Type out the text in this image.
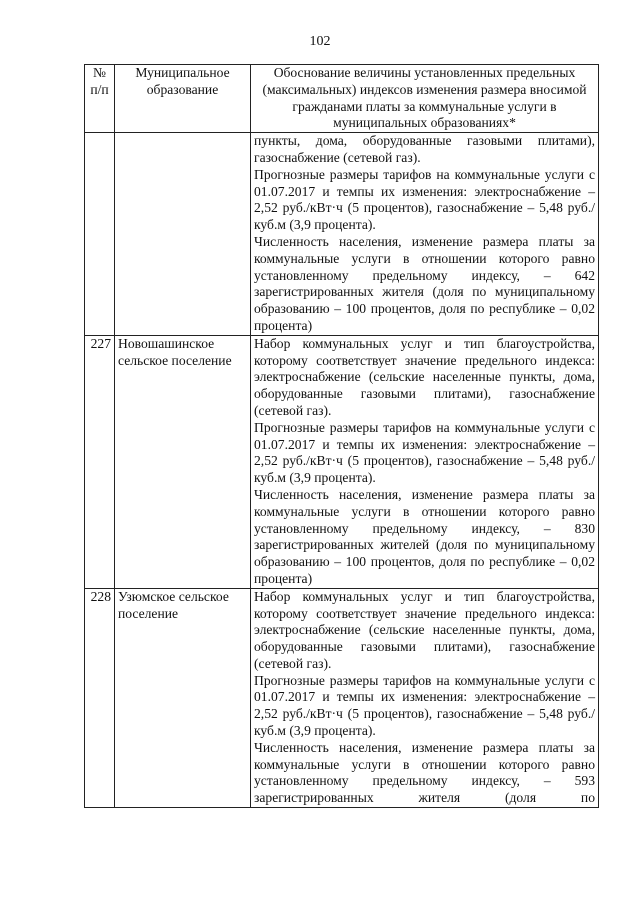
102
№ п/п	Муниципальное образование	Обоснование величины установленных предельных (максимальных) индексов изменения размера вносимой гражданами платы за коммунальные услуги в муниципальных образованиях*

		пункты, дома, оборудованные газовыми плитами), газоснабжение (сетевой газ).

Прогнозные размеры тарифов на коммунальные услуги с 01.07.2017 и темпы их изменения: электроснабжение – 2,52 руб./кВт·ч (5 процентов), газоснабжение – 5,48 руб./куб.м (3,9 процента).

Численность населения, изменение размера платы за коммунальные услуги в отношении которого равно установленному предельному индексу, – 642 зарегистрированных жителя (доля по муниципальному образованию – 100 процентов, доля по республике – 0,02 процента)

227	Новошашинское сельское поселение	Набор коммунальных услуг и тип благоустройства, которому соответствует значение предельного индекса: электроснабжение (сельские населенные пункты, дома, оборудованные газовыми плитами), газоснабжение (сетевой газ).

Прогнозные размеры тарифов на коммунальные услуги с 01.07.2017 и темпы их изменения: электроснабжение – 2,52 руб./кВт·ч (5 процентов), газоснабжение – 5,48 руб./куб.м (3,9 процента).

Численность населения, изменение размера платы за коммунальные услуги в отношении которого равно установленному предельному индексу, – 830 зарегистрированных жителей (доля по муниципальному образованию – 100 процентов, доля по республике – 0,02 процента)

228	Узюмское сельское поселение	Набор коммунальных услуг и тип благоустройства, которому соответствует значение предельного индекса: электроснабжение (сельские населенные пункты, дома, оборудованные газовыми плитами), газоснабжение (сетевой газ).

Прогнозные размеры тарифов на коммунальные услуги с 01.07.2017 и темпы их изменения: электроснабжение – 2,52 руб./кВт·ч (5 процентов), газоснабжение – 5,48 руб./куб.м (3,9 процента).

Численность населения, изменение размера платы за коммунальные услуги в отношении которого равно установленному предельному индексу, – 593 зарегистрированных жителя (доля по
